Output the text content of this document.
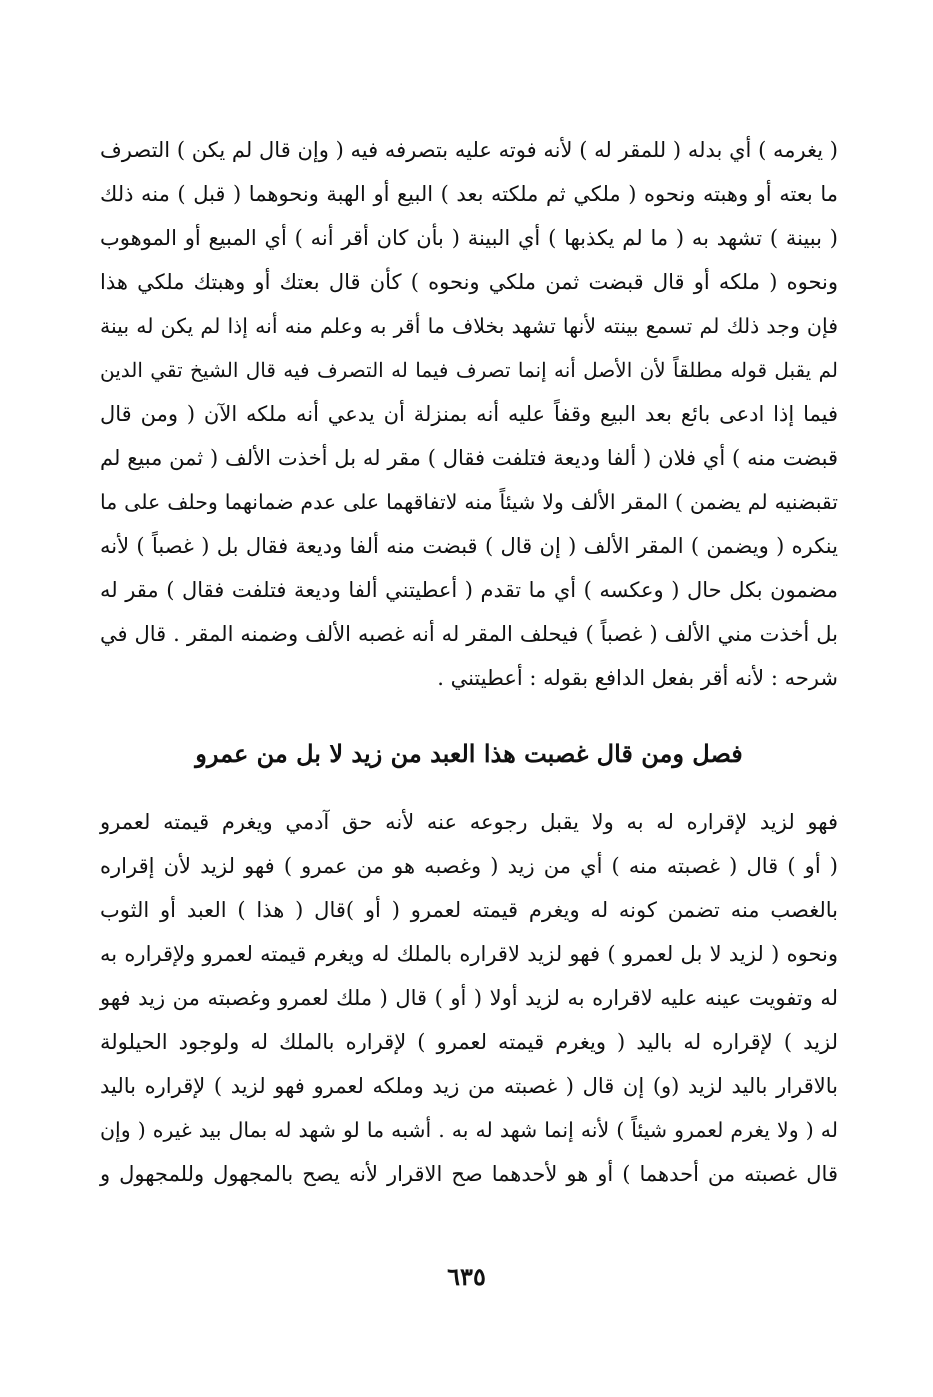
( يغرمه ) أي بدله ( للمقر له ) لأنه فوته عليه بتصرفه فيه ( وإن قال لم يكن ) التصرف
ما بعته أو وهبته ونحوه ( ملكي ثم ملكته بعد ) البيع أو الهبة ونحوهما ( قبل ) منه ذلك
( ببينة ) تشهد به ( ما لم يكذبها ) أي البينة ( بأن كان أقر أنه ) أي المبيع أو الموهوب
ونحوه ( ملكه أو قال قبضت ثمن ملكي ونحوه ) كأن قال بعتك أو وهبتك ملكي هذا
فإن وجد ذلك لم تسمع بينته لأنها تشهد بخلاف ما أقر به وعلم منه أنه إذا لم يكن له بينة
لم يقبل قوله مطلقاً لأن الأصل أنه إنما تصرف فيما له التصرف فيه قال الشيخ تقي الدين
فيما إذا ادعى بائع بعد البيع وقفاً عليه أنه بمنزلة أن يدعي أنه ملكه الآن ( ومن قال
قبضت منه ) أي فلان ( ألفا وديعة فتلفت فقال ) مقر له بل أخذت الألف ( ثمن مبيع لم
تقبضنيه لم يضمن ) المقر الألف ولا شيئاً منه لاتفاقهما على عدم ضمانهما وحلف على ما
ينكره ( ويضمن ) المقر الألف ( إن قال ) قبضت منه ألفا وديعة فقال بل ( غصباً ) لأنه
مضمون بكل حال ( وعكسه ) أي ما تقدم ( أعطيتني ألفا وديعة فتلفت فقال ) مقر له
بل أخذت مني الألف ( غصباً ) فيحلف المقر له أنه غصبه الألف وضمنه المقر . قال في
شرحه : لأنه أقر بفعل الدافع بقوله : أعطيتني .
فصل ومن قال غصبت هذا العبد من زيد لا بل من عمرو
فهو لزيد لإقراره له به ولا يقبل رجوعه عنه لأنه حق آدمي ويغرم قيمته لعمرو
( أو ) قال ( غصبته منه ) أي من زيد ( وغصبه هو من عمرو ) فهو لزيد لأن إقراره
بالغصب منه تضمن كونه له ويغرم قيمته لعمرو ( أو )قال ( هذا ) العبد أو الثوب
ونحوه ( لزيد لا بل لعمرو ) فهو لزيد لاقراره بالملك له ويغرم قيمته لعمرو ولإقراره به
له وتفويت عينه عليه لاقراره به لزيد أولا ( أو ) قال ( ملك لعمرو وغصبته من زيد فهو
لزيد ) لإقراره له باليد ( ويغرم قيمته لعمرو ) لإقراره بالملك له ولوجود الحيلولة
بالاقرار باليد لزيد (و) إن قال ( غصبته من زيد وملكه لعمرو فهو لزيد ) لإقراره باليد
له ( ولا يغرم لعمرو شيئاً ) لأنه إنما شهد له به . أشبه ما لو شهد له بمال بيد غيره ( وإن
قال غصبته من أحدهما ) أو هو لأحدهما صح الاقرار لأنه يصح بالمجهول وللمجهول و
٦٣٥
